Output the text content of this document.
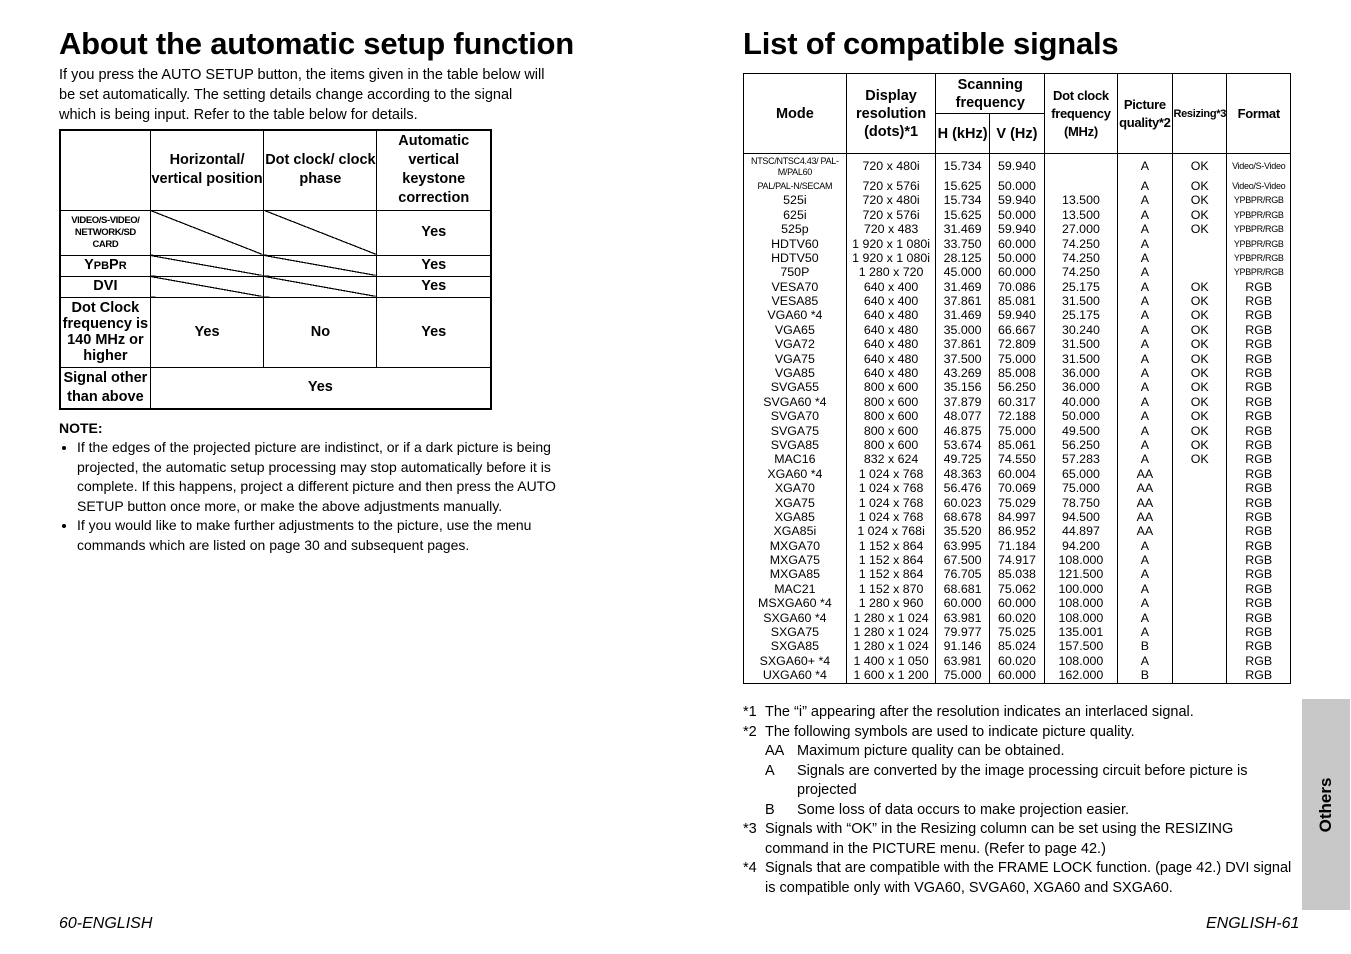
About the automatic setup function
If you press the AUTO SETUP button, the items given in the table below will
be set automatically. The setting details change according to the signal
which is being input. Refer to the table below for details.
	Horizontal/ vertical position	Dot clock/ clock phase	Automatic vertical keystone correction
VIDEO/S-VIDEO/ NETWORK/SD CARD			Yes
YPBPR			Yes
DVI			Yes
Dot Clock frequency is 140 MHz or higher	Yes	No	Yes
Signal other than above	Yes		
NOTE:
• If the edges of the projected picture are indistinct, or if a dark picture is being projected, the automatic setup processing may stop automatically before it is complete. If this happens, project a different picture and then press the AUTO SETUP button once more, or make the above adjustments manually.
• If you would like to make further adjustments to the picture, use the menu commands which are listed on page 30 and subsequent pages.
60-ENGLISH
List of compatible signals
Mode	Display resolution (dots)*1	Scanning frequency		Dot clock frequency (MHz)	Picture quality*2	Resizing*3	Format
		H (kHz)	V (Hz)				
NTSC/NTSC4.43/ PAL-M/PAL60	720 x 480i	15.734	59.940		A	OK	Video/S-Video
PAL/PAL-N/SECAM	720 x 576i	15.625	50.000		A	OK	Video/S-Video
525i	720 x 480i	15.734	59.940	13.500	A	OK	YPBPR/RGB
625i	720 x 576i	15.625	50.000	13.500	A	OK	YPBPR/RGB
525p	720 x 483	31.469	59.940	27.000	A	OK	YPBPR/RGB
HDTV60	1 920 x 1 080i	33.750	60.000	74.250	A		YPBPR/RGB
HDTV50	1 920 x 1 080i	28.125	50.000	74.250	A		YPBPR/RGB
750P	1 280 x 720	45.000	60.000	74.250	A		YPBPR/RGB
VESA70	640 x 400	31.469	70.086	25.175	A	OK	RGB
VESA85	640 x 400	37.861	85.081	31.500	A	OK	RGB
VGA60 *4	640 x 480	31.469	59.940	25.175	A	OK	RGB
VGA65	640 x 480	35.000	66.667	30.240	A	OK	RGB
VGA72	640 x 480	37.861	72.809	31.500	A	OK	RGB
VGA75	640 x 480	37.500	75.000	31.500	A	OK	RGB
VGA85	640 x 480	43.269	85.008	36.000	A	OK	RGB
SVGA55	800 x 600	35.156	56.250	36.000	A	OK	RGB
SVGA60 *4	800 x 600	37.879	60.317	40.000	A	OK	RGB
SVGA70	800 x 600	48.077	72.188	50.000	A	OK	RGB
SVGA75	800 x 600	46.875	75.000	49.500	A	OK	RGB
SVGA85	800 x 600	53.674	85.061	56.250	A	OK	RGB
MAC16	832 x 624	49.725	74.550	57.283	A	OK	RGB
XGA60 *4	1 024 x 768	48.363	60.004	65.000	AA		RGB
XGA70	1 024 x 768	56.476	70.069	75.000	AA		RGB
XGA75	1 024 x 768	60.023	75.029	78.750	AA		RGB
XGA85	1 024 x 768	68.678	84.997	94.500	AA		RGB
XGA85i	1 024 x 768i	35.520	86.952	44.897	AA		RGB
MXGA70	1 152 x 864	63.995	71.184	94.200	A		RGB
MXGA75	1 152 x 864	67.500	74.917	108.000	A		RGB
MXGA85	1 152 x 864	76.705	85.038	121.500	A		RGB
MAC21	1 152 x 870	68.681	75.062	100.000	A		RGB
MSXGA60 *4	1 280 x 960	60.000	60.000	108.000	A		RGB
SXGA60 *4	1 280 x 1 024	63.981	60.020	108.000	A		RGB
SXGA75	1 280 x 1 024	79.977	75.025	135.001	A		RGB
SXGA85	1 280 x 1 024	91.146	85.024	157.500	B		RGB
SXGA60+ *4	1 400 x 1 050	63.981	60.020	108.000	A		RGB
UXGA60 *4	1 600 x 1 200	75.000	60.000	162.000	B		RGB
*1 The “i” appearing after the resolution indicates an interlaced signal.
*2 The following symbols are used to indicate picture quality.
AA Maximum picture quality can be obtained.
A	Signals are converted by the image processing circuit before picture is projected
B	Some loss of data occurs to make projection easier.
*3 Signals with “OK” in the Resizing column can be set using the RESIZING command in the PICTURE menu. (Refer to page 42.)
*4 Signals that are compatible with the FRAME LOCK function. (page 42.) DVI signal is compatible only with VGA60, SVGA60, XGA60 and SXGA60.
Others
ENGLISH-61
